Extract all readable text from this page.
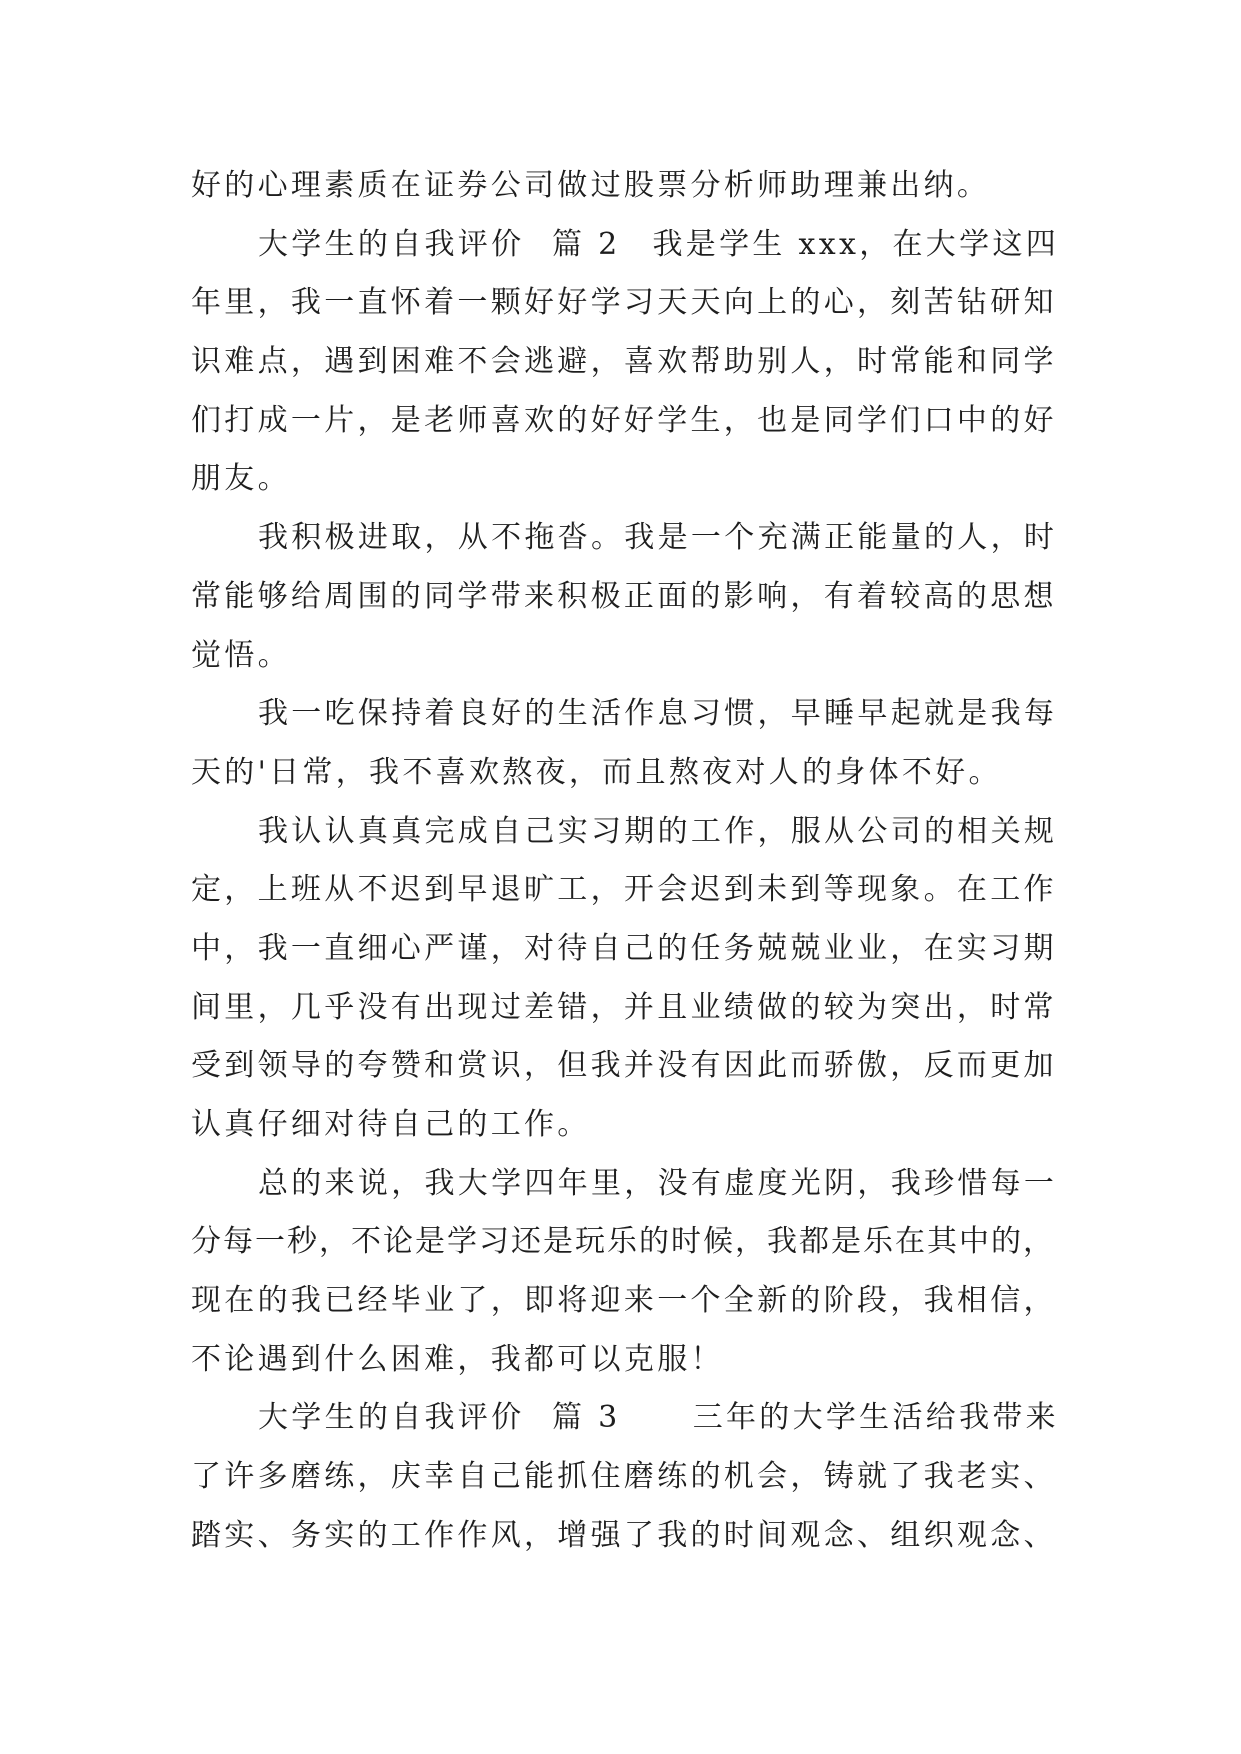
好的心理素质在证券公司做过股票分析师助理兼出纳。
大学生的自我评价 篇 2 我是学生 xxx，在大学这四
年里，我一直怀着一颗好好学习天天向上的心，刻苦钻研知
识难点，遇到困难不会逃避，喜欢帮助别人，时常能和同学
们打成一片，是老师喜欢的好好学生，也是同学们口中的好
朋友。
我积极进取，从不拖沓。我是一个充满正能量的人，时
常能够给周围的同学带来积极正面的影响，有着较高的思想
觉悟。
我一吃保持着良好的生活作息习惯，早睡早起就是我每
天的'日常，我不喜欢熬夜，而且熬夜对人的身体不好。
我认认真真完成自己实习期的工作，服从公司的相关规
定，上班从不迟到早退旷工，开会迟到未到等现象。在工作
中，我一直细心严谨，对待自己的任务兢兢业业，在实习期
间里，几乎没有出现过差错，并且业绩做的较为突出，时常
受到领导的夸赞和赏识，但我并没有因此而骄傲，反而更加
认真仔细对待自己的工作。
总的来说，我大学四年里，没有虚度光阴，我珍惜每一
分每一秒，不论是学习还是玩乐的时候，我都是乐在其中的，
现在的我已经毕业了，即将迎来一个全新的阶段，我相信，
不论遇到什么困难，我都可以克服！
大学生的自我评价 篇 3 三年的大学生活给我带来
了许多磨练，庆幸自己能抓住磨练的机会，铸就了我老实、
踏实、务实的工作作风，增强了我的时间观念、组织观念、
